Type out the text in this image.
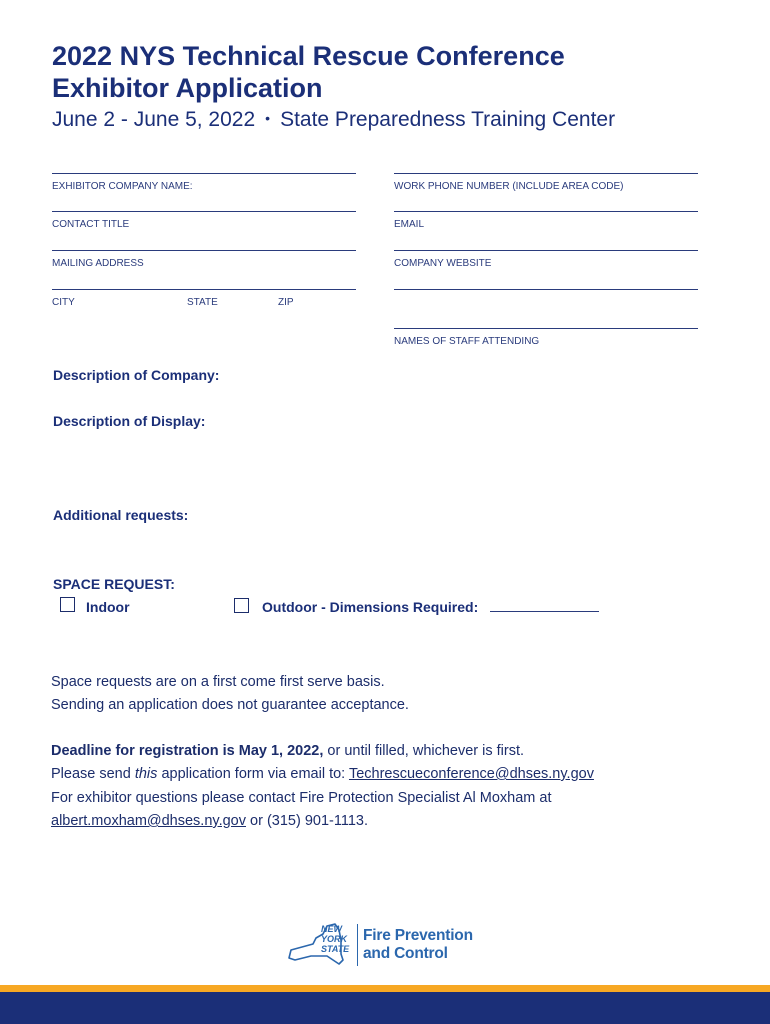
2022 NYS Technical Rescue Conference
Exhibitor Application
June 2 - June 5, 2022 • State Preparedness Training Center
EXHIBITOR COMPANY NAME:
CONTACT TITLE
MAILING ADDRESS
CITY	STATE	ZIP
WORK PHONE NUMBER (INCLUDE AREA CODE)
EMAIL
COMPANY WEBSITE
NAMES OF STAFF ATTENDING
Description of Company:
Description of Display:
Additional requests:
SPACE REQUEST:
Indoor	Outdoor - Dimensions Required:
Space requests are on a first come first serve basis.
Sending an application does not guarantee acceptance.
Deadline for registration is May 1, 2022, or until filled, whichever is first.
Please send this application form via email to: Techrescueconference@dhses.ny.gov
For exhibitor questions please contact Fire Protection Specialist Al Moxham at
albert.moxham@dhses.ny.gov or (315) 901-1113.
NEW
YORK
STATE
Fire Prevention
and Control
